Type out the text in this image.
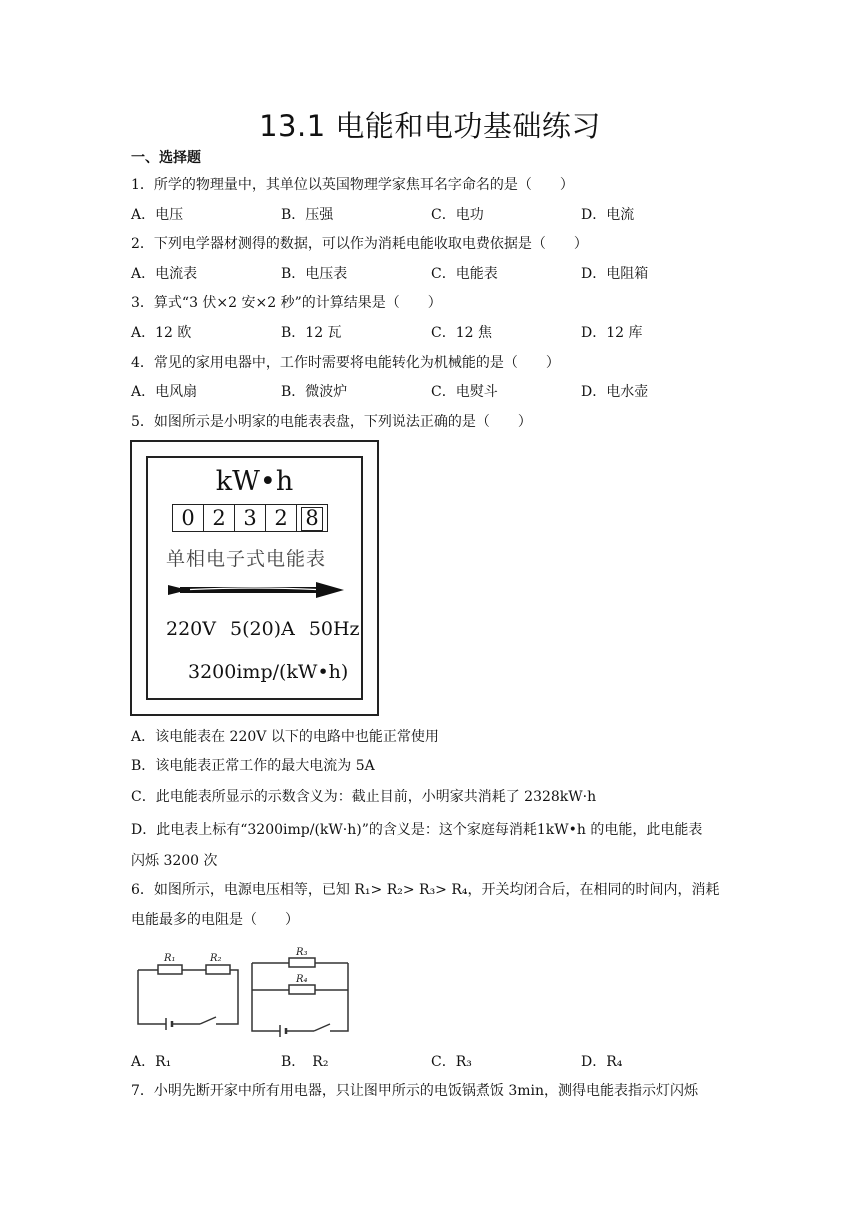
13.1 电能和电功基础练习
一、选择题
1．所学的物理量中，其单位以英国物理学家焦耳名字命名的是（　　）
A．电压	B．压强	C．电功	D．电流
2．下列电学器材测得的数据，可以作为消耗电能收取电费依据是（　　）
A．电流表	B．电压表	C．电能表	D．电阻箱
3．算式“3 伏×2 安×2 秒”的计算结果是（　　）
A．12 欧	B．12 瓦	C．12 焦	D．12 库
4．常见的家用电器中，工作时需要将电能转化为机械能的是（　　）
A．电风扇	B．微波炉	C．电熨斗	D．电水壶
5．如图所示是小明家的电能表表盘，下列说法正确的是（　　）
kW•h
0 2 3 2 8
单相电子式电能表
220V 5(20)A 50Hz
3200imp/(kW•h)
A．该电能表在 220V 以下的电路中也能正常使用
B．该电能表正常工作的最大电流为 5A
C．此电能表所显示的示数含义为：截止目前，小明家共消耗了 2328kW·h
D．此电表上标有“3200imp/(kW·h)”的含义是：这个家庭每消耗1kW•h 的电能，此电能表
闪烁 3200 次
6．如图所示，电源电压相等，已知 R₁> R₂> R₃> R₄，开关均闭合后，在相同的时间内，消耗
电能最多的电阻是（　　）
R₁	R₂
R₃
R₄
A．R₁	B．　R₂	C．R₃	D．R₄
7．小明先断开家中所有用电器，只让图甲所示的电饭锅煮饭 3min，测得电能表指示灯闪烁
